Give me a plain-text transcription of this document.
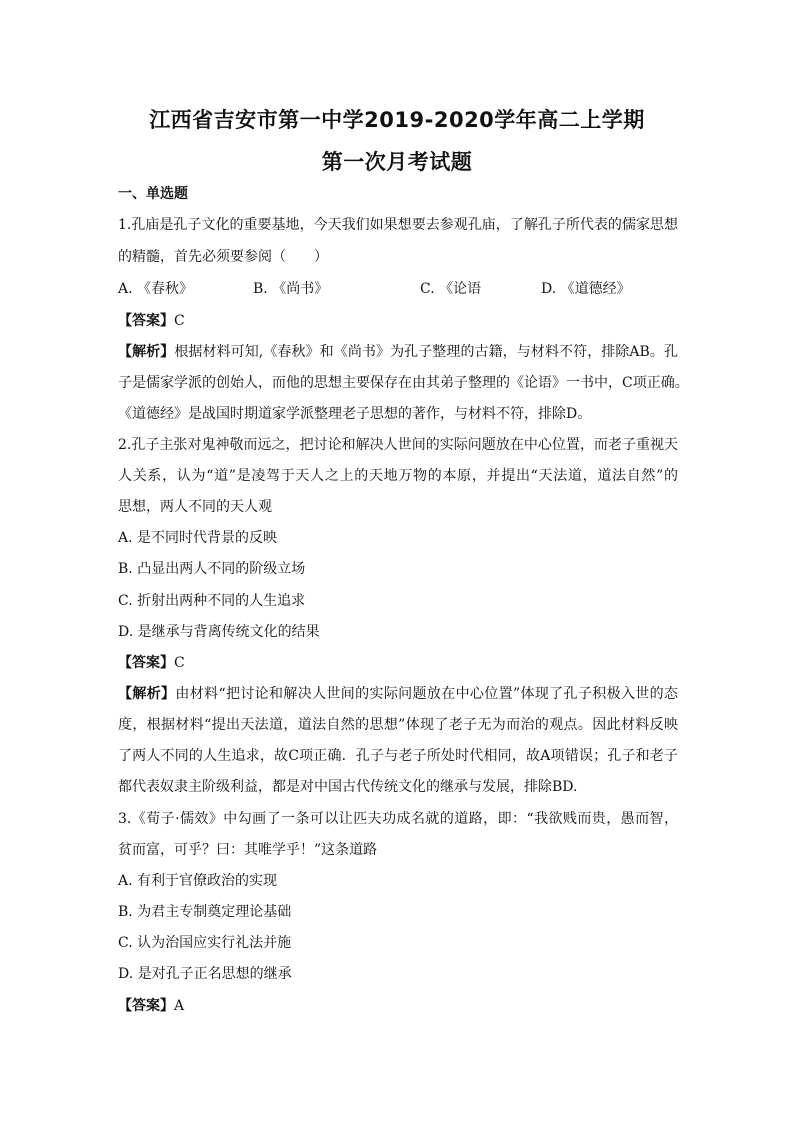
江西省吉安市第一中学2019-2020学年高二上学期
第一次月考试题
一、单选题
1.孔庙是孔子文化的重要基地，今天我们如果想要去参观孔庙，了解孔子所代表的儒家思想
的精髓，首先必须要参阅（　　）
A. 《春秋》	B. 《尚书》	C. 《论语	D. 《道德经》
【答案】C
【解析】根据材料可知,《春秋》和《尚书》为孔子整理的古籍，与材料不符，排除AB。孔
子是儒家学派的创始人，而他的思想主要保存在由其弟子整理的《论语》一书中，C项正确。
《道德经》是战国时期道家学派整理老子思想的著作，与材料不符，排除D。
2.孔子主张对鬼神敬而远之，把讨论和解决人世间的实际问题放在中心位置，而老子重视天
人关系，认为“道”是凌驾于天人之上的天地万物的本原，并提出“天法道，道法自然”的
思想，两人不同的天人观
A. 是不同时代背景的反映
B. 凸显出两人不同的阶级立场
C. 折射出两种不同的人生追求
D. 是继承与背离传统文化的结果
【答案】C
【解析】由材料“把讨论和解决人世间的实际问题放在中心位置”体现了孔子积极入世的态
度，根据材料“提出天法道，道法自然的思想”体现了老子无为而治的观点。因此材料反映
了两人不同的人生追求，故C项正确．孔子与老子所处时代相同，故A项错误；孔子和老子
都代表奴隶主阶级利益，都是对中国古代传统文化的继承与发展，排除BD.
3.《荀子·儒效》中勾画了一条可以让匹夫功成名就的道路，即：“我欲贱而贵，愚而智，
贫而富，可乎？曰：其唯学乎！”这条道路
A. 有利于官僚政治的实现
B. 为君主专制奠定理论基础
C. 认为治国应实行礼法并施
D. 是对孔子正名思想的继承
【答案】A
